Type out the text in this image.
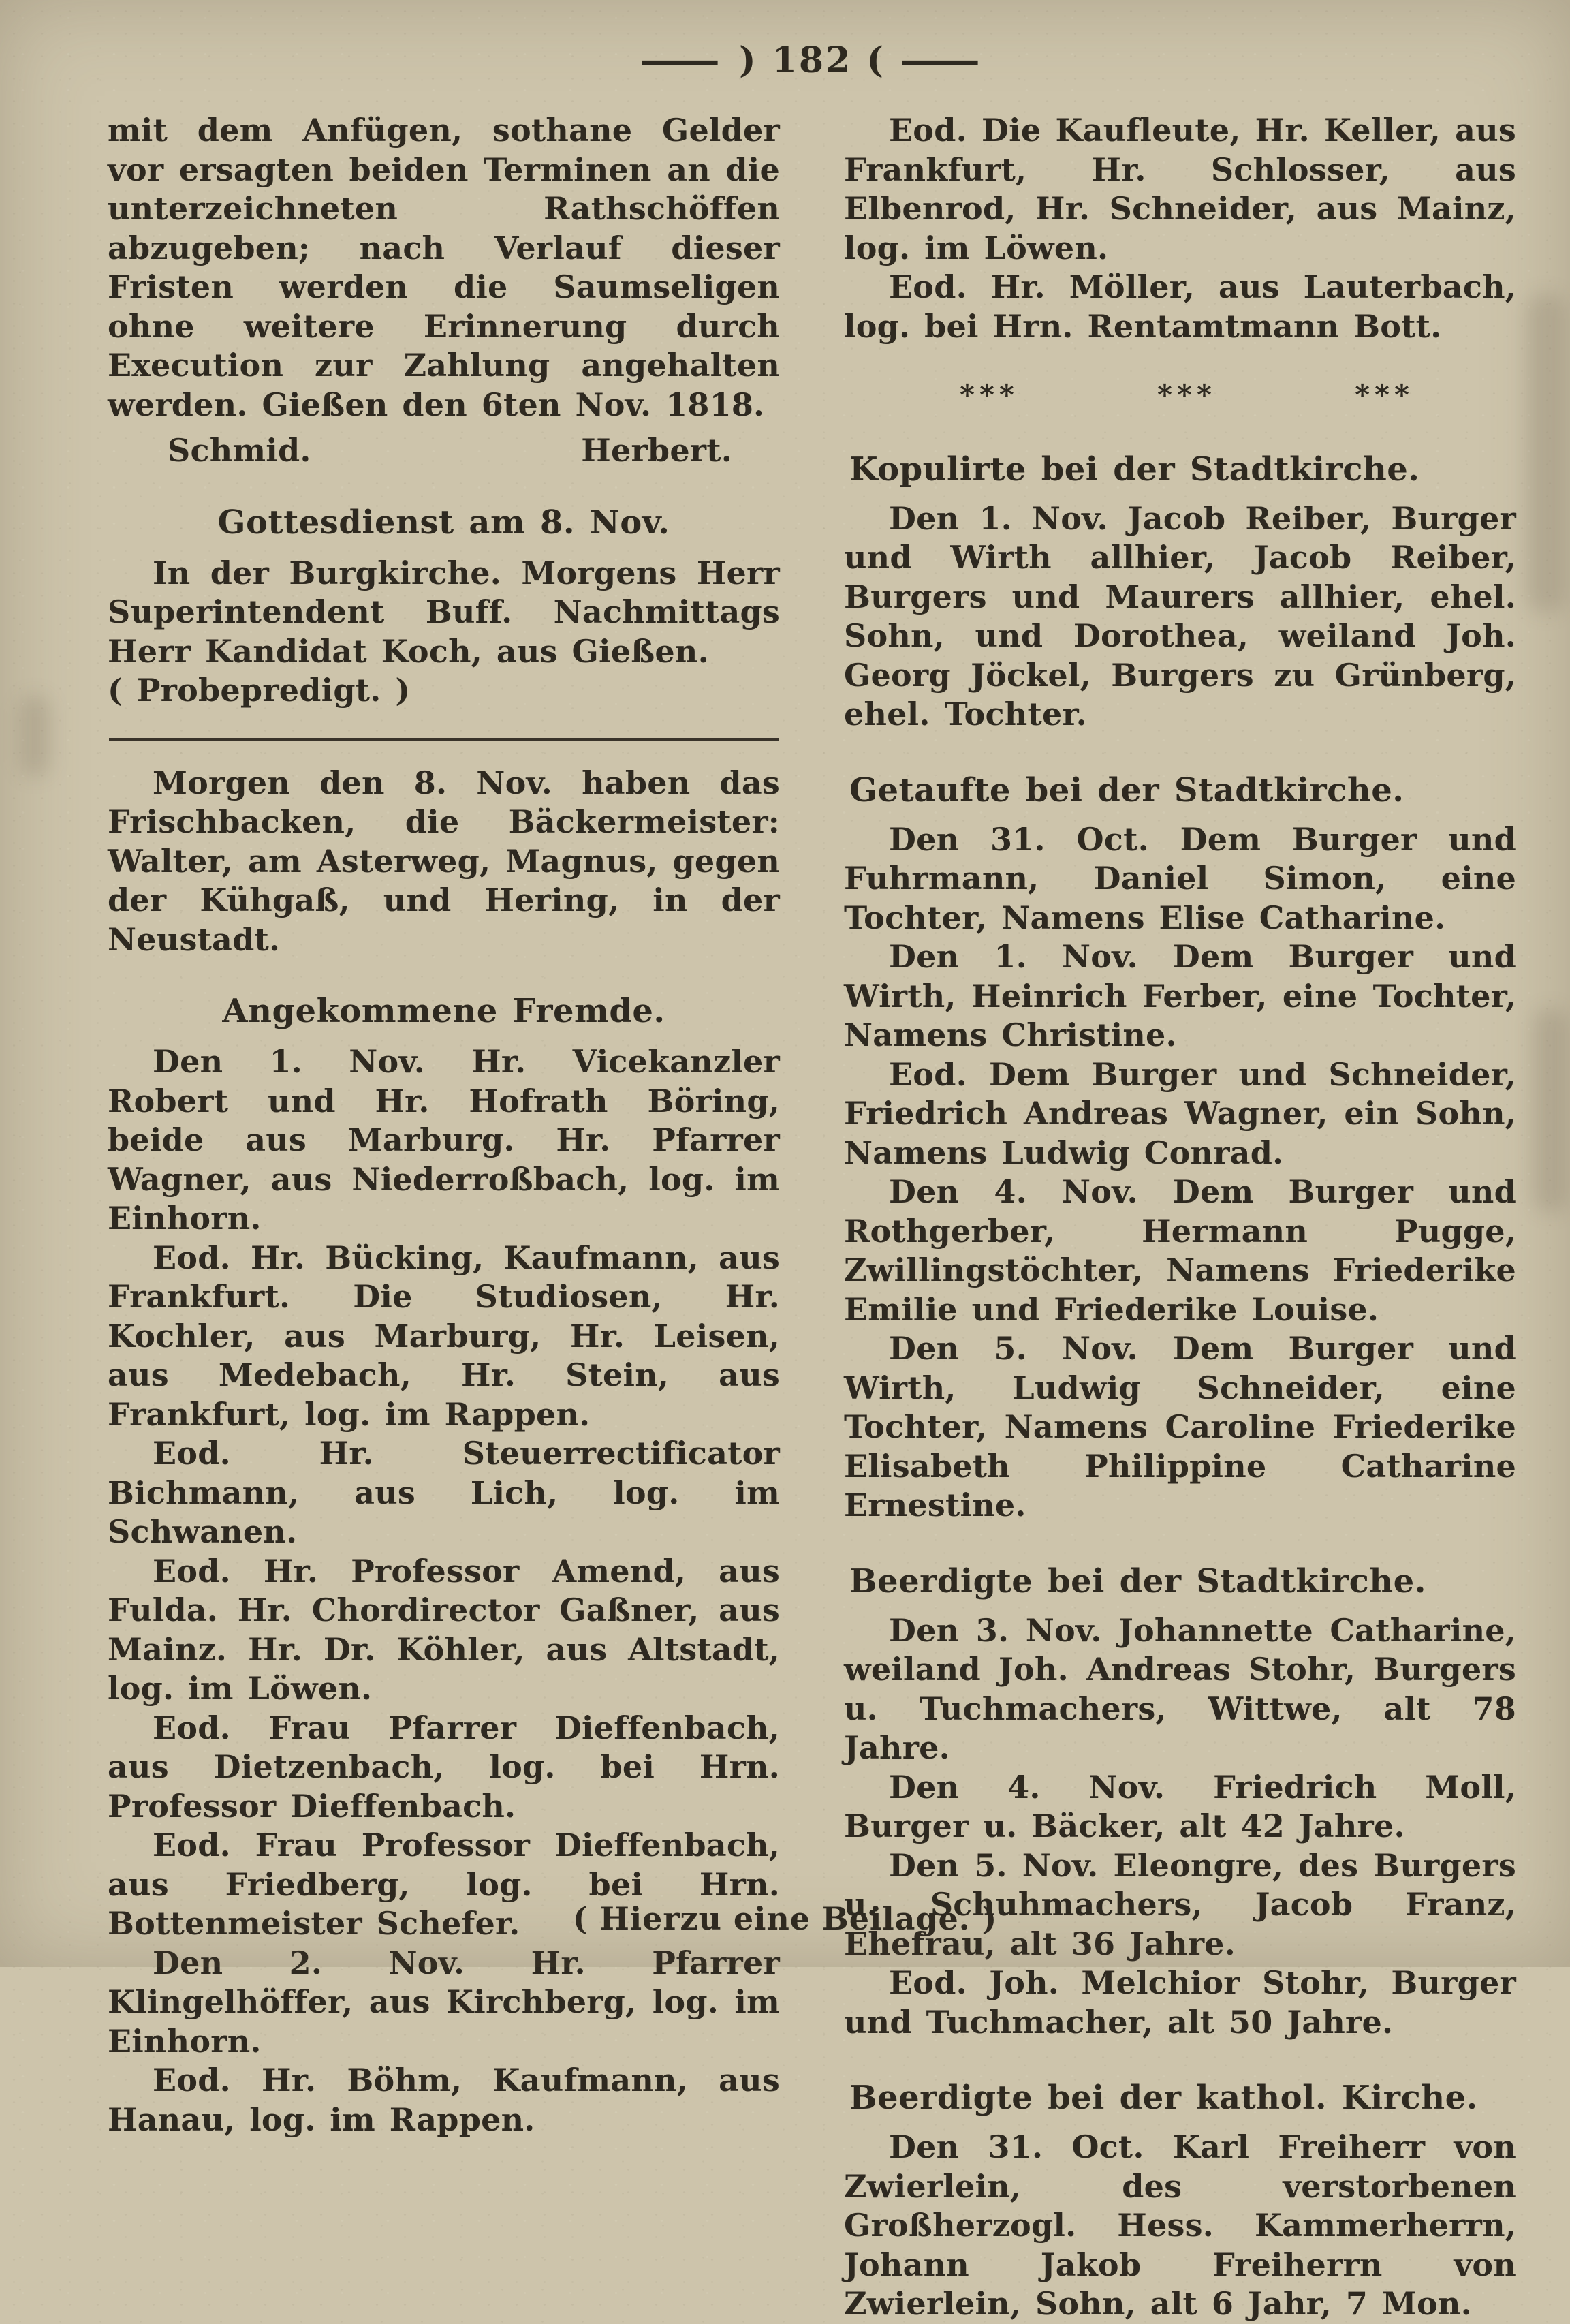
— ) 182 ( —

mit dem Anfügen, sothane Gelder vor ersagten beiden Terminen an die unterzeichneten Rathschöffen abzugeben; nach Verlauf dieser Fristen werden die Saumseligen ohne weitere Erinnerung durch Execution zur Zahlung angehalten werden. Gießen den 6ten Nov. 1818.

Schmid.	Herbert.
Gottesdienst am 8. Nov.

In der Burgkirche. Morgens Herr Superintendent Buff. Nachmittags Herr Kandidat Koch, aus Gießen.

( Probepredigt. )

Morgen den 8. Nov. haben das Frischbacken, die Bäckermeister: Walter, am Asterweg, Magnus, gegen der Kühgaß, und Hering, in der Neustadt.

Angekommene Fremde.

Den 1. Nov. Hr. Vicekanzler Robert und Hr. Hofrath Böring, beide aus Marburg. Hr. Pfarrer Wagner, aus Niederroßbach, log. im Einhorn.

Eod. Hr. Bücking, Kaufmann, aus Frankfurt. Die Studiosen, Hr. Kochler, aus Marburg, Hr. Leisen, aus Medebach, Hr. Stein, aus Frankfurt, log. im Rappen.

Eod. Hr. Steuerrectificator Bichmann, aus Lich, log. im Schwanen.

Eod. Hr. Professor Amend, aus Fulda. Hr. Chordirector Gaßner, aus Mainz. Hr. Dr. Köhler, aus Altstadt, log. im Löwen.

Eod. Frau Pfarrer Dieffenbach, aus Dietzenbach, log. bei Hrn. Professor Dieffenbach.

Eod. Frau Professor Dieffenbach, aus Friedberg, log. bei Hrn. Bottenmeister Schefer.

Den 2. Nov. Hr. Pfarrer Klingelhöffer, aus Kirchberg, log. im Einhorn.

Eod. Hr. Böhm, Kaufmann, aus Hanau, log. im Rappen.

Eod. Die Kaufleute, Hr. Keller, aus Frankfurt, Hr. Schlosser, aus Elbenrod, Hr. Schneider, aus Mainz, log. im Löwen.

Eod. Hr. Möller, aus Lauterbach, log. bei Hrn. Rentamtmann Bott.

***	***	***
Kopulirte bei der Stadtkirche.

Den 1. Nov. Jacob Reiber, Burger und Wirth allhier, Jacob Reiber, Burgers und Maurers allhier, ehel. Sohn, und Dorothea, weiland Joh. Georg Jöckel, Burgers zu Grünberg, ehel. Tochter.

Getaufte bei der Stadtkirche.

Den 31. Oct. Dem Burger und Fuhrmann, Daniel Simon, eine Tochter, Namens Elise Catharine.

Den 1. Nov. Dem Burger und Wirth, Heinrich Ferber, eine Tochter, Namens Christine.

Eod. Dem Burger und Schneider, Friedrich Andreas Wagner, ein Sohn, Namens Ludwig Conrad.

Den 4. Nov. Dem Burger und Rothgerber, Hermann Pugge, Zwillingstöchter, Namens Friederike Emilie und Friederike Louise.

Den 5. Nov. Dem Burger und Wirth, Ludwig Schneider, eine Tochter, Namens Caroline Friederike Elisabeth Philippine Catharine Ernestine.

Beerdigte bei der Stadtkirche.

Den 3. Nov. Johannette Catharine, weiland Joh. Andreas Stohr, Burgers u. Tuchmachers, Wittwe, alt 78 Jahre.

Den 4. Nov. Friedrich Moll, Burger u. Bäcker, alt 42 Jahre.

Den 5. Nov. Eleongre, des Burgers u. Schuhmachers, Jacob Franz, Ehefrau, alt 36 Jahre.

Eod. Joh. Melchior Stohr, Burger und Tuchmacher, alt 50 Jahre.

Beerdigte bei der kathol. Kirche.

Den 31. Oct. Karl Freiherr von Zwierlein, des verstorbenen Großherzogl. Hess. Kammerherrn, Johann Jakob Freiherrn von Zwierlein, Sohn, alt 6 Jahr, 7 Mon.

( Hierzu eine Beilage. )
